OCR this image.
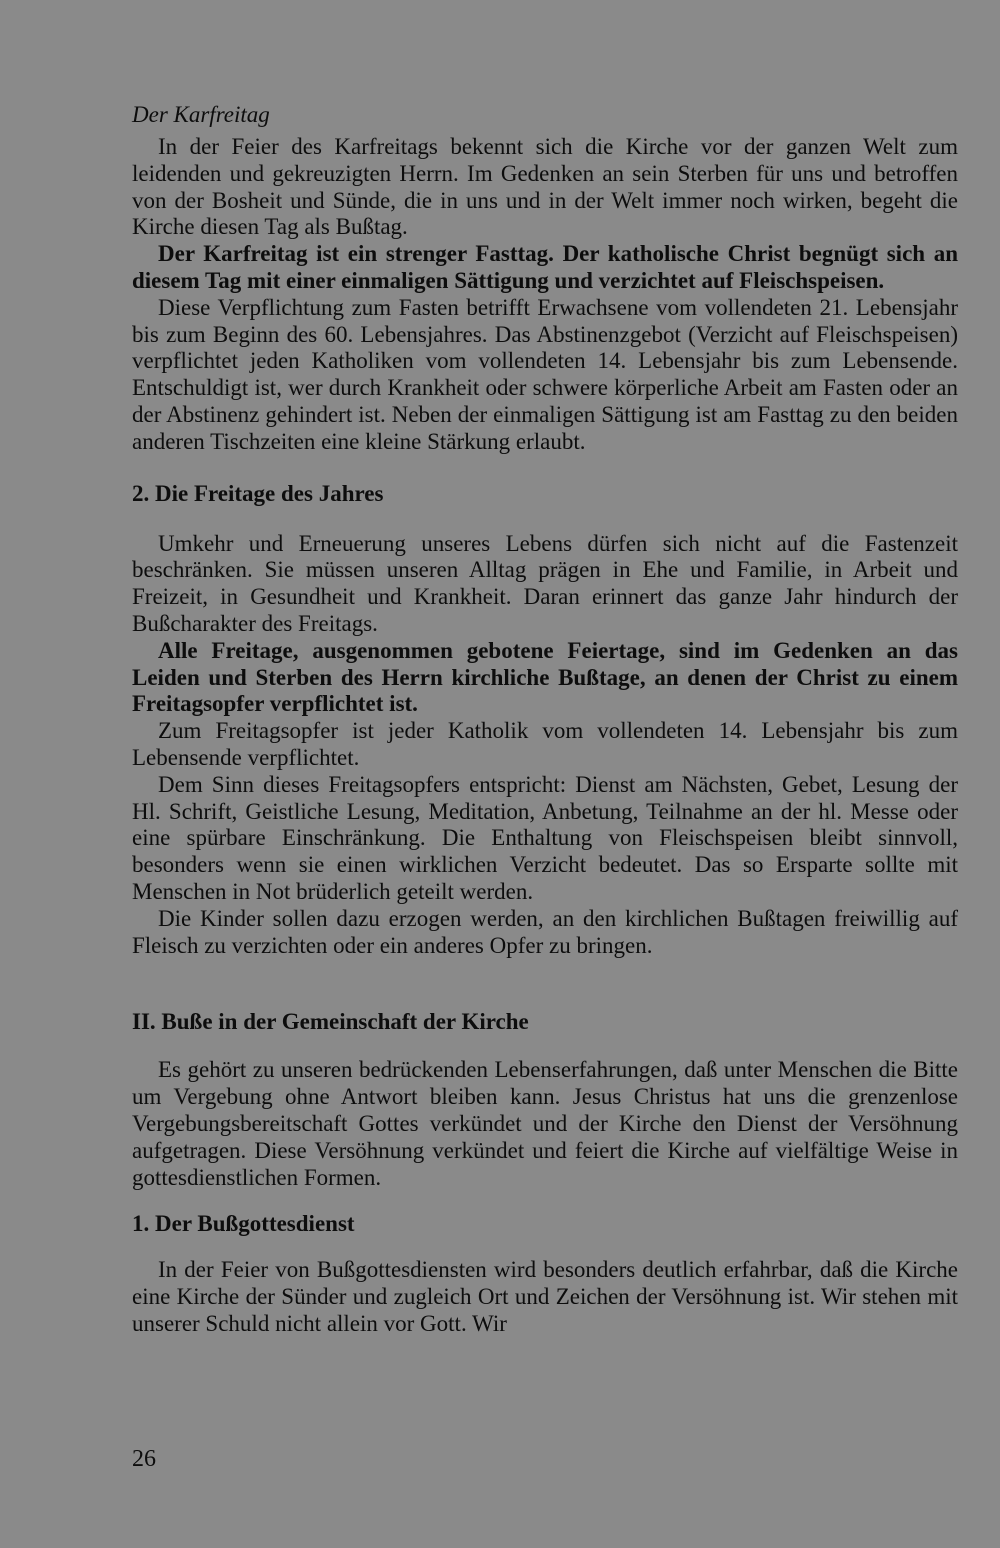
Der Karfreitag

In der Feier des Karfreitags bekennt sich die Kirche vor der ganzen Welt zum leidenden und gekreuzigten Herrn. Im Gedenken an sein Sterben für uns und betroffen von der Bosheit und Sünde, die in uns und in der Welt immer noch wirken, begeht die Kirche diesen Tag als Bußtag.

Der Karfreitag ist ein strenger Fasttag. Der katholische Christ begnügt sich an diesem Tag mit einer einmaligen Sättigung und verzichtet auf Fleischspeisen.

Diese Verpflichtung zum Fasten betrifft Erwachsene vom vollendeten 21. Lebensjahr bis zum Beginn des 60. Lebensjahres. Das Abstinenzgebot (Verzicht auf Fleischspeisen) verpflichtet jeden Katholiken vom vollendeten 14. Lebensjahr bis zum Lebensende. Entschuldigt ist, wer durch Krankheit oder schwere körperliche Arbeit am Fasten oder an der Abstinenz gehindert ist. Neben der einmaligen Sättigung ist am Fasttag zu den beiden anderen Tischzeiten eine kleine Stärkung erlaubt.

2. Die Freitage des Jahres

Umkehr und Erneuerung unseres Lebens dürfen sich nicht auf die Fastenzeit beschränken. Sie müssen unseren Alltag prägen in Ehe und Familie, in Arbeit und Freizeit, in Gesundheit und Krankheit. Daran erinnert das ganze Jahr hindurch der Bußcharakter des Freitags.

Alle Freitage, ausgenommen gebotene Feiertage, sind im Gedenken an das Leiden und Sterben des Herrn kirchliche Bußtage, an denen der Christ zu einem Freitagsopfer verpflichtet ist.

Zum Freitagsopfer ist jeder Katholik vom vollendeten 14. Lebensjahr bis zum Lebensende verpflichtet.

Dem Sinn dieses Freitagsopfers entspricht: Dienst am Nächsten, Gebet, Lesung der Hl. Schrift, Geistliche Lesung, Meditation, Anbetung, Teilnahme an der hl. Messe oder eine spürbare Einschränkung. Die Enthaltung von Fleischspeisen bleibt sinnvoll, besonders wenn sie einen wirklichen Verzicht bedeutet. Das so Ersparte sollte mit Menschen in Not brüderlich geteilt werden.

Die Kinder sollen dazu erzogen werden, an den kirchlichen Bußtagen freiwillig auf Fleisch zu verzichten oder ein anderes Opfer zu bringen.

II. Buße in der Gemeinschaft der Kirche

Es gehört zu unseren bedrückenden Lebenserfahrungen, daß unter Menschen die Bitte um Vergebung ohne Antwort bleiben kann. Jesus Christus hat uns die grenzenlose Vergebungsbereitschaft Gottes verkündet und der Kirche den Dienst der Versöhnung aufgetragen. Diese Versöhnung verkündet und feiert die Kirche auf vielfältige Weise in gottesdienstlichen Formen.

1. Der Bußgottesdienst

In der Feier von Bußgottesdiensten wird besonders deutlich erfahrbar, daß die Kirche eine Kirche der Sünder und zugleich Ort und Zeichen der Versöhnung ist. Wir stehen mit unserer Schuld nicht allein vor Gott. Wir

26
